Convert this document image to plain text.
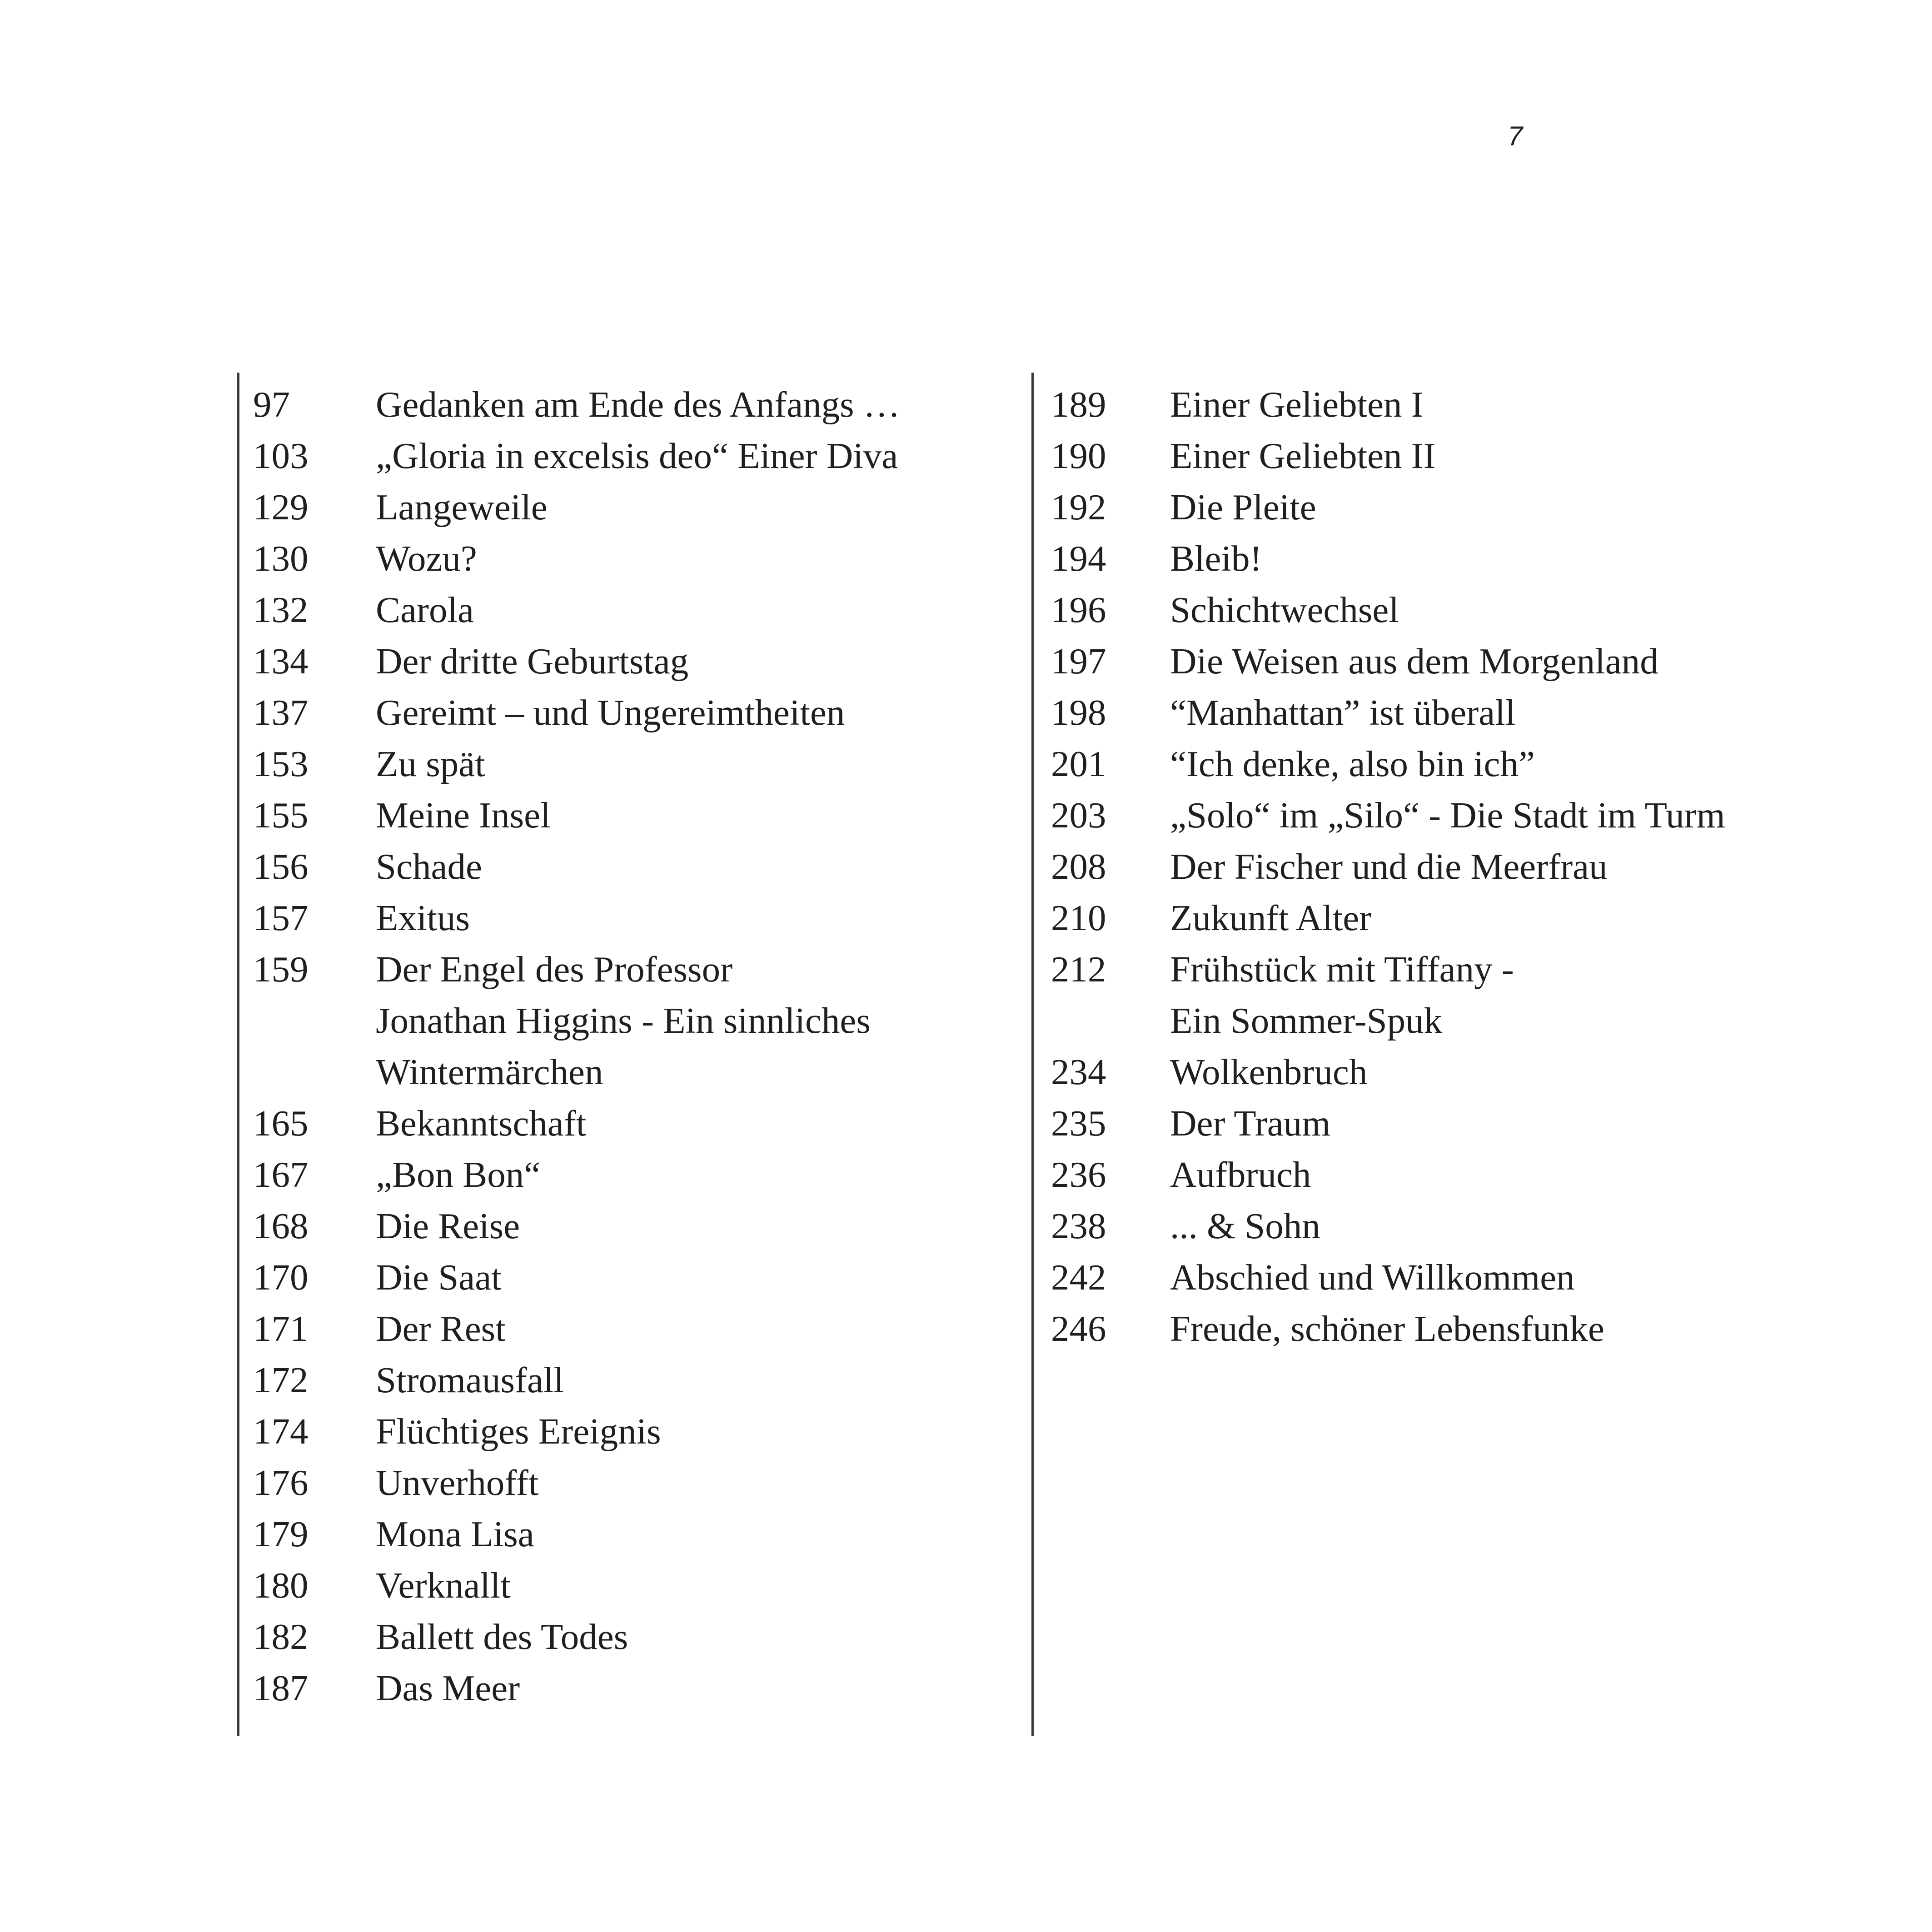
7
97	Gedanken am Ende des Anfangs …
103	„Gloria in excelsis deo“ Einer Diva
129	Langeweile
130	Wozu?
132	Carola
134	Der dritte Geburtstag
137	Gereimt – und Ungereimtheiten
153	Zu spät
155	Meine Insel
156	Schade
157	Exitus
159	Der Engel des Professor
Jonathan Higgins - Ein sinnliches
Wintermärchen
165	Bekanntschaft
167	„Bon Bon“
168	Die Reise
170	Die Saat
171	Der Rest
172	Stromausfall
174	Flüchtiges Ereignis
176	Unverhofft
179	Mona Lisa
180	Verknallt
182	Ballett des Todes
187	Das Meer
189	Einer Geliebten I
190	Einer Geliebten II
192	Die Pleite
194	Bleib!
196	Schichtwechsel
197	Die Weisen aus dem Morgenland
198	“Manhattan” ist überall
201	“Ich denke, also bin ich”
203	„Solo“ im „Silo“ - Die Stadt im Turm
208	Der Fischer und die Meerfrau
210	Zukunft Alter
212	Frühstück mit Tiffany -
Ein Sommer-Spuk
234	Wolkenbruch
235	Der Traum
236	Aufbruch
238	... & Sohn
242	Abschied und Willkommen
246	Freude, schöner Lebensfunke
